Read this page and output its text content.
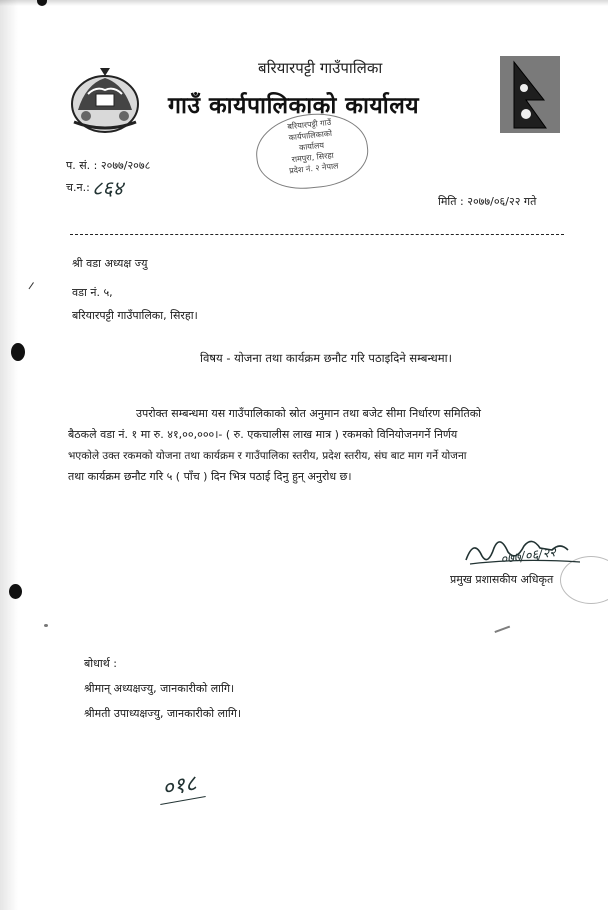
बरियारपट्टी गाउँपालिका
गाउँ कार्यपालिकाको कार्यालय
बरियारपट्टी गाउँ
कार्यपालिकाको
कार्यालय
रामपुरा, सिरहा
प्रदेश नं. २ नेपाल
प. सं. : २०७७/२०७८
च.न.: ८६४
मिति : २०७७/०६/२२ गते
श्री वडा अध्यक्ष ज्यु
वडा नं. ५,
बरियारपट्टी गाउँपालिका, सिरहा।
विषय - योजना तथा कार्यक्रम छनौट गरि पठाइदिने सम्बन्धमा।
उपरोक्त सम्बन्धमा यस गाउँपालिकाको स्रोत अनुमान तथा बजेट सीमा निर्धारण समितिको
बैठकले वडा नं. १ मा रु. ४१,००,०००।- ( रु. एकचालीस लाख मात्र ) रकमको विनियोजनगर्ने निर्णय
भएकोले उक्त रकमको योजना तथा कार्यक्रम र गाउँपालिका स्तरीय, प्रदेश स्तरीय, संघ बाट माग गर्ने योजना
तथा कार्यक्रम छनौट गरि ५ ( पाँच ) दिन भित्र पठाई दिनु हुन् अनुरोध छ।
०७७/०६/२२
प्रमुख प्रशासकीय अधिकृत
बोधार्थ :
श्रीमान् अध्यक्षज्यु, जानकारीको लागि।
श्रीमती उपाध्यक्षज्यु, जानकारीको लागि।
०१८
